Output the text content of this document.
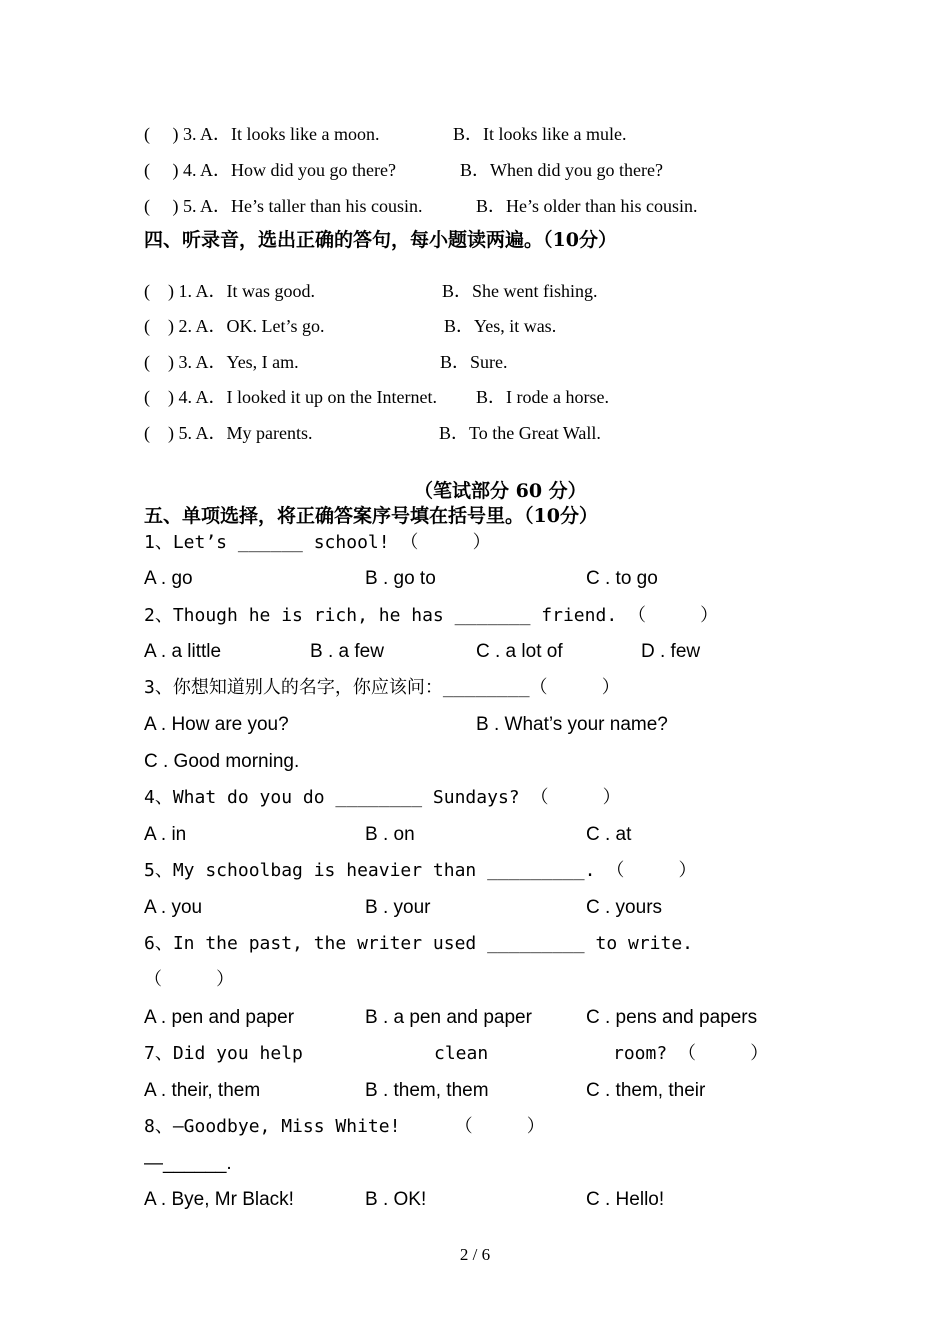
(     ) 3. A．It looks like a moon.	B．It looks like a mule.
(     ) 4. A．How did you go there?	B．When did you go there?
(     ) 5. A．He’s taller than his cousin.	B．He’s older than his cousin.
四、听录音，选出正确的答句，每小题读两遍。（10分）
(    ) 1. A．It was good.	B．She went fishing.
(    ) 2. A．OK. Let’s go.	B．Yes, it was.
(    ) 3. A．Yes, I am.	B．Sure.
(    ) 4. A．I looked it up on the Internet. B．I rode a horse.
(    ) 5. A．My parents.	B．To the Great Wall.
（笔试部分 60 分）
五、单项选择，将正确答案序号填在括号里。（10分）
1、Let’s ______ school! （     ）
A . go	B . go to	C . to go
2、Though he is rich, he has _______ friend. （     ）
A . a little	B . a few	C . a lot of	D . few
3、你想知道别人的名字，你应该问：________（     ）
A . How are you?	B . What’s your name?
C . Good morning.
4、What do you do ________ Sundays? （     ）
A . in	B . on	C . at
5、My schoolbag is heavier than _________. （     ）
A . you	B . your	C . yours
6、In the past, the writer used _________ to write.
（     ）
A . pen and paper	B . a pen and paper	C . pens and papers
7、Did you help	clean	room? （     ）
A . their, them	B . them, them	C . them, their
8、—Goodbye, Miss White!     （     ）
—______.
A . Bye, Mr Black!	B . OK!	C . Hello!
2 / 6
